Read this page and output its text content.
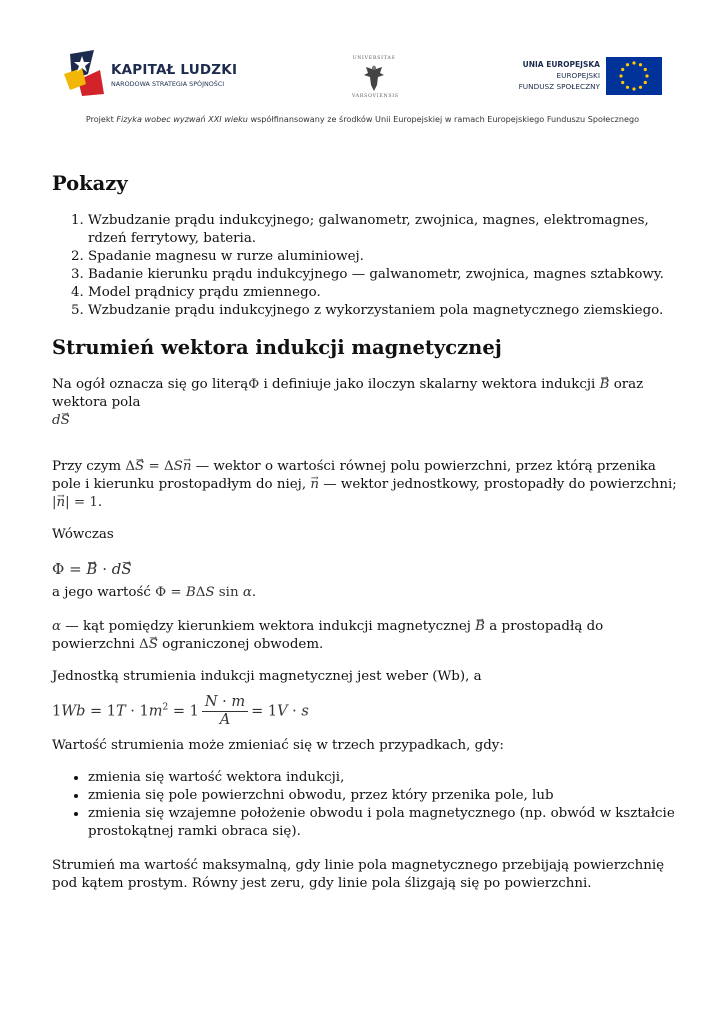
KAPITAŁ LUDZKI
NARODOWA STRATEGIA SPÓJNOŚCI
UNIVERSITAS
VARSOVIENSIS
UNIA EUROPEJSKA
EUROPEJSKI
FUNDUSZ SPOŁECZNY
Projekt Fizyka wobec wyzwań XXI wieku współfinansowany ze środków Unii Europejskiej w ramach Europejskiego Funduszu Społecznego
Pokazy
1. Wzbudzanie prądu indukcyjnego; galwanometr, zwojnica, magnes, elektromagnes, rdzeń ferrytowy, bateria.
2. Spadanie magnesu w rurze aluminiowej.
3. Badanie kierunku prądu indukcyjnego — galwanometr, zwojnica, magnes sztabkowy.
4. Model prądnicy prądu zmiennego.
5. Wzbudzanie prądu indukcyjnego z wykorzystaniem pola magnetycznego ziemskiego.
Strumień wektora indukcji magnetycznej

Na ogół oznacza się go literąΦ i definiuje jako iloczyn skalarny wektora indukcji → B oraz wektora pola
d→ S

Przy czym Δ→ S = ΔS→ n — wektor o wartości równej polu powierzchni, przez którą przenika pole i kierunku prostopadłym do niej, → n — wektor jednostkowy, prostopadły do powierzchni; |→ n| = 1.

Wówczas

Φ = → B · d→ S

a jego wartość Φ = BΔS sin α.

α — kąt pomiędzy kierunkiem wektora indukcji magnetycznej → B a prostopadłą do powierzchni Δ→ S ograniczonej obwodem.

Jednostką strumienia indukcji magnetycznej jest weber (Wb), a

$1Wb = 1T \cdot 1m^2 = 1 \frac{N \cdot m}{A} = 1V \cdot s$

Wartość strumienia może zmieniać się w trzech przypadkach, gdy:

• zmienia się wartość wektora indukcji,
• zmienia się pole powierzchni obwodu, przez który przenika pole, lub
• zmienia się wzajemne położenie obwodu i pola magnetycznego (np. obwód w kształcie prostokątnej ramki obraca się).

Strumień ma wartość maksymalną, gdy linie pola magnetycznego przebijają powierzchnię pod kątem prostym. Równy jest zeru, gdy linie pola ślizgają się po powierzchni.
